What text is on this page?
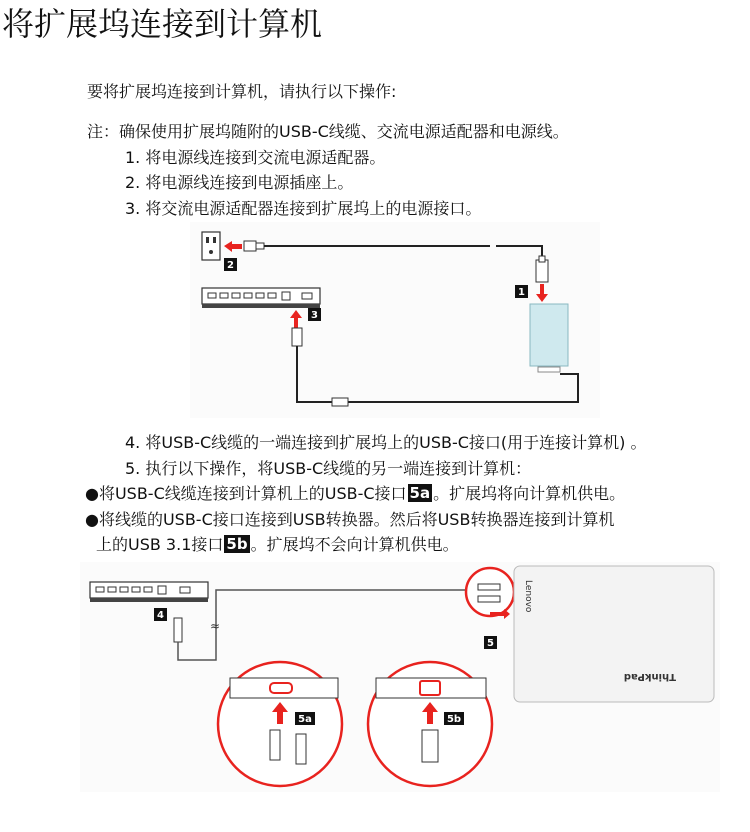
将扩展坞连接到计算机
要将扩展坞连接到计算机，请执行以下操作:
注：确保使用扩展坞随附的USB-C线缆、交流电源适配器和电源线。
1. 将电源线连接到交流电源适配器。
2. 将电源线连接到电源插座上。
3. 将交流电源适配器连接到扩展坞上的电源接口。
2
1
3
4. 将USB-C线缆的一端连接到扩展坞上的USB-C接口(用于连接计算机) 。
5. 执行以下操作，将USB-C线缆的另一端连接到计算机：
●将USB-C线缆连接到计算机上的USB-C接口 5a 。扩展坞将向计算机供电。
●将线缆的USB-C接口连接到USB转换器。然后将USB转换器连接到计算机
上的USB 3.1接口 5b 。扩展坞不会向计算机供电。
4
≈
5
Lenovo
ThinkPad
5a	5b
